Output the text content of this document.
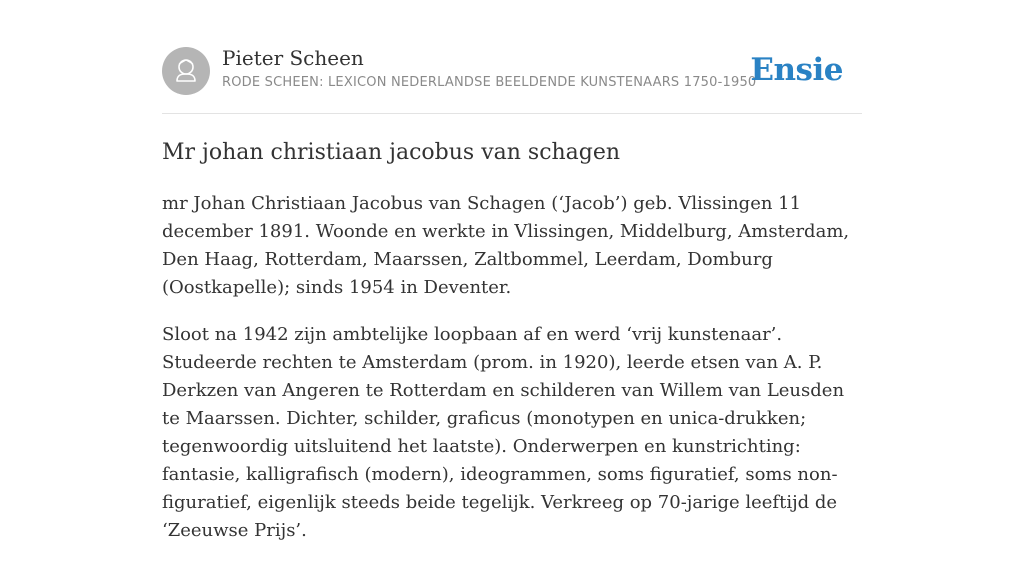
Pieter Scheen
RODE SCHEEN: LEXICON NEDERLANDSE BEELDENDE KUNSTENAARS 1750-1950
Ensie
Mr johan christiaan jacobus van schagen

mr Johan Christiaan Jacobus van Schagen (‘Jacob’) geb. Vlissingen 11 december 1891. Woonde en werkte in Vlissingen, Middelburg, Amsterdam, Den Haag, Rotterdam, Maarssen, Zaltbommel, Leerdam, Domburg (Oostkapelle); sinds 1954 in Deventer.

Sloot na 1942 zijn ambtelijke loopbaan af en werd ‘vrij kunstenaar’. Studeerde rechten te Amsterdam (prom. in 1920), leerde etsen van A. P. Derkzen van Angeren te Rotterdam en schilderen van Willem van Leusden te Maarssen. Dichter, schilder, graficus (monotypen en unica-drukken; tegenwoordig uitsluitend het laatste). Onderwerpen en kunstrichting: fantasie, kalligrafisch (modern), ideogrammen, soms figuratief, soms non-figuratief, eigenlijk steeds beide tegelijk. Verkreeg op 70-jarige leeftijd de ‘Zeeuwse Prijs’.
